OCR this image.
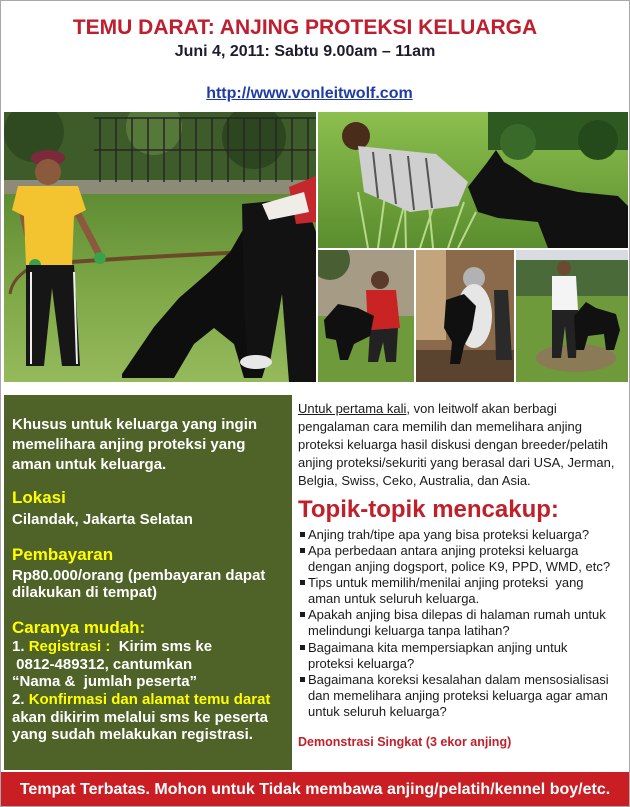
TEMU DARAT: ANJING PROTEKSI KELUARGA
Juni 4, 2011: Sabtu 9.00am – 11am

http://www.vonleitwolf.com

Khusus untuk keluarga yang ingin
memelihara anjing proteksi yang
aman untuk keluarga.
Lokasi
Cilandak, Jakarta Selatan
Pembayaran
Rp80.000/orang (pembayaran dapat
dilakukan di tempat)
Caranya mudah:
1. Registrasi :  Kirim sms ke
0812-489312, cantumkan
“Nama &  jumlah peserta”
2. Konfirmasi dan alamat temu darat
akan dikirim melalui sms ke peserta
yang sudah melakukan registrasi.
Untuk pertama kali, von leitwolf akan berbagi
pengalaman cara memilih dan memelihara anjing
proteksi keluarga hasil diskusi dengan breeder/pelatih
anjing proteksi/sekuriti yang berasal dari USA, Jerman,
Belgia, Swiss, Ceko, Australia, dan Asia.
Topik-topik mencakup:
Anjing trah/tipe apa yang bisa proteksi keluarga?
Apa perbedaan antara anjing proteksi keluarga
dengan anjing dogsport, police K9, PPD, WMD, etc?
Tips untuk memilih/menilai anjing proteksi  yang
aman untuk seluruh keluarga.
Apakah anjing bisa dilepas di halaman rumah untuk
melindungi keluarga tanpa latihan?
Bagaimana kita mempersiapkan anjing untuk
proteksi keluarga?
Bagaimana koreksi kesalahan dalam mensosialisasi
dan memelihara anjing proteksi keluarga agar aman
untuk seluruh keluarga?
Demonstrasi Singkat (3 ekor anjing)
Tempat Terbatas. Mohon untuk Tidak membawa anjing/pelatih/kennel boy/etc.
